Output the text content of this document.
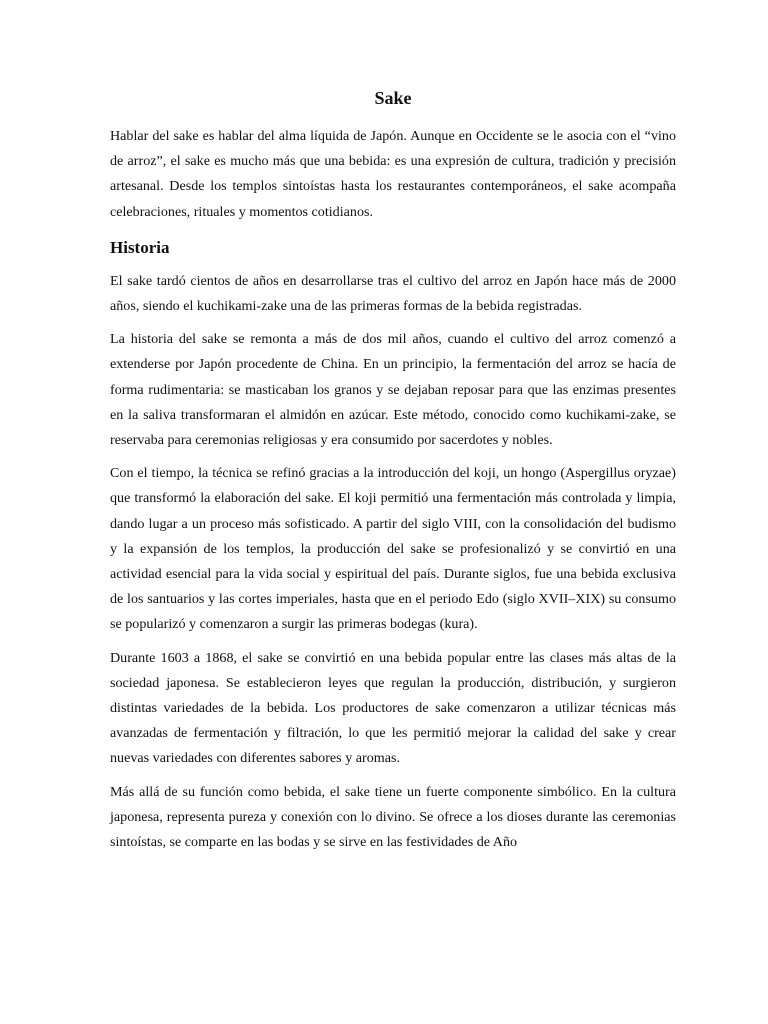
Sake

Hablar del sake es hablar del alma líquida de Japón. Aunque en Occidente se le asocia con el “vino de arroz”, el sake es mucho más que una bebida: es una expresión de cultura, tradición y precisión artesanal. Desde los templos sintoístas hasta los restaurantes contemporáneos, el sake acompaña celebraciones, rituales y momentos cotidianos.

Historia

El sake tardó cientos de años en desarrollarse tras el cultivo del arroz en Japón hace más de 2000 años, siendo el kuchikami-zake una de las primeras formas de la bebida registradas.

La historia del sake se remonta a más de dos mil años, cuando el cultivo del arroz comenzó a extenderse por Japón procedente de China. En un principio, la fermentación del arroz se hacía de forma rudimentaria: se masticaban los granos y se dejaban reposar para que las enzimas presentes en la saliva transformaran el almidón en azúcar. Este método, conocido como kuchikami-zake, se reservaba para ceremonias religiosas y era consumido por sacerdotes y nobles.

Con el tiempo, la técnica se refinó gracias a la introducción del koji, un hongo (Aspergillus oryzae) que transformó la elaboración del sake. El koji permitió una fermentación más controlada y limpia, dando lugar a un proceso más sofisticado. A partir del siglo VIII, con la consolidación del budismo y la expansión de los templos, la producción del sake se profesionalizó y se convirtió en una actividad esencial para la vida social y espiritual del país. Durante siglos, fue una bebida exclusiva de los santuarios y las cortes imperiales, hasta que en el periodo Edo (siglo XVII–XIX) su consumo se popularizó y comenzaron a surgir las primeras bodegas (kura).

Durante 1603 a 1868, el sake se convirtió en una bebida popular entre las clases más altas de la sociedad japonesa. Se establecieron leyes que regulan la producción, distribución, y surgieron distintas variedades de la bebida. Los productores de sake comenzaron a utilizar técnicas más avanzadas de fermentación y filtración, lo que les permitió mejorar la calidad del sake y crear nuevas variedades con diferentes sabores y aromas.

Más allá de su función como bebida, el sake tiene un fuerte componente simbólico. En la cultura japonesa, representa pureza y conexión con lo divino. Se ofrece a los dioses durante las ceremonias sintoístas, se comparte en las bodas y se sirve en las festividades de Año
